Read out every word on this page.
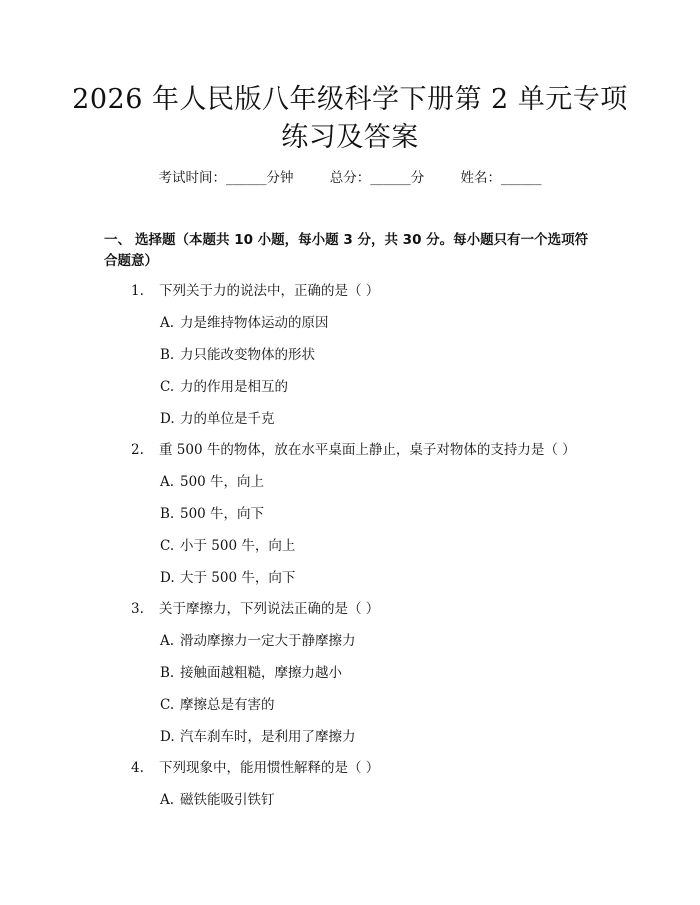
2026 年人民版八年级科学下册第 2 单元专项
练习及答案
考试时间：______分钟	总分：______分	姓名：______
一、 选择题（本题共 10 小题，每小题 3 分，共 30 分。每小题只有一个选项符合题意）
1. 下列关于力的说法中，正确的是（ ）
A. 力是维持物体运动的原因
B. 力只能改变物体的形状
C. 力的作用是相互的
D. 力的单位是千克
2. 重 500 牛的物体，放在水平桌面上静止，桌子对物体的支持力是（ ）
A. 500 牛，向上
B. 500 牛，向下
C. 小于 500 牛，向上
D. 大于 500 牛，向下
3. 关于摩擦力，下列说法正确的是（ ）
A. 滑动摩擦力一定大于静摩擦力
B. 接触面越粗糙，摩擦力越小
C. 摩擦总是有害的
D. 汽车刹车时，是利用了摩擦力
4. 下列现象中，能用惯性解释的是（ ）
A. 磁铁能吸引铁钉
